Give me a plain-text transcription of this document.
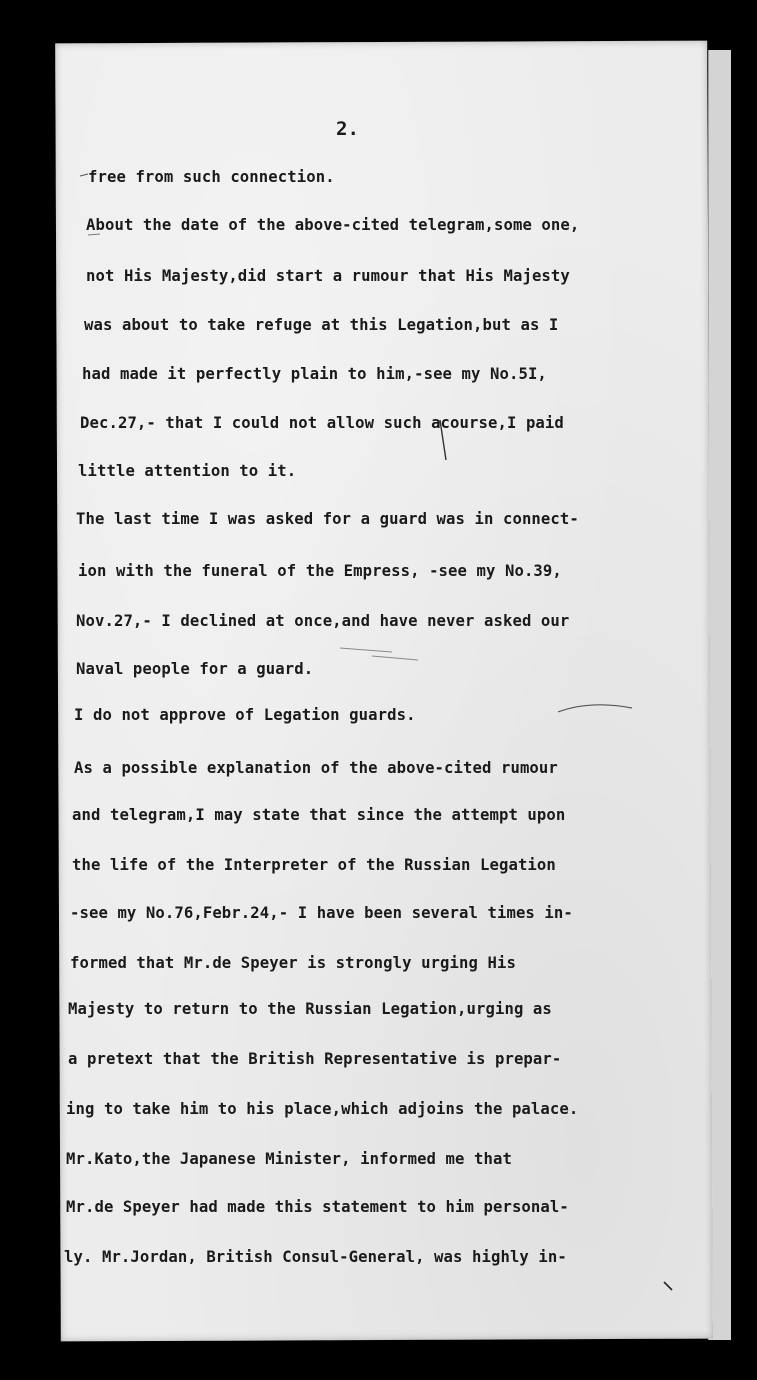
2.
free from such connection.
About the date of the above-cited telegram,some one,
not His Majesty,did start a rumour that His Majesty
was about to take refuge at this Legation,but as I
had made it perfectly plain to him,-see my No.5I,
Dec.27,- that I could not allow such acourse,I paid
little attention to it.
The last time I was asked for a guard was in connect-
ion with the funeral of the Empress, -see my No.39,
Nov.27,- I declined at once,and have never asked our
Naval people for a guard.
I do not approve of Legation guards.
As a possible explanation of the above-cited rumour
and telegram,I may state that since the attempt upon
the life of the Interpreter of the Russian Legation
-see my No.76,Febr.24,- I have been several times in-
formed that Mr.de Speyer is strongly urging His
Majesty to return to the Russian Legation,urging as
a pretext that the British Representative is prepar-
ing to take him to his place,which adjoins the palace.
Mr.Kato,the Japanese Minister, informed me that
Mr.de Speyer had made this statement to him personal-
ly. Mr.Jordan, British Consul-General, was highly in-
